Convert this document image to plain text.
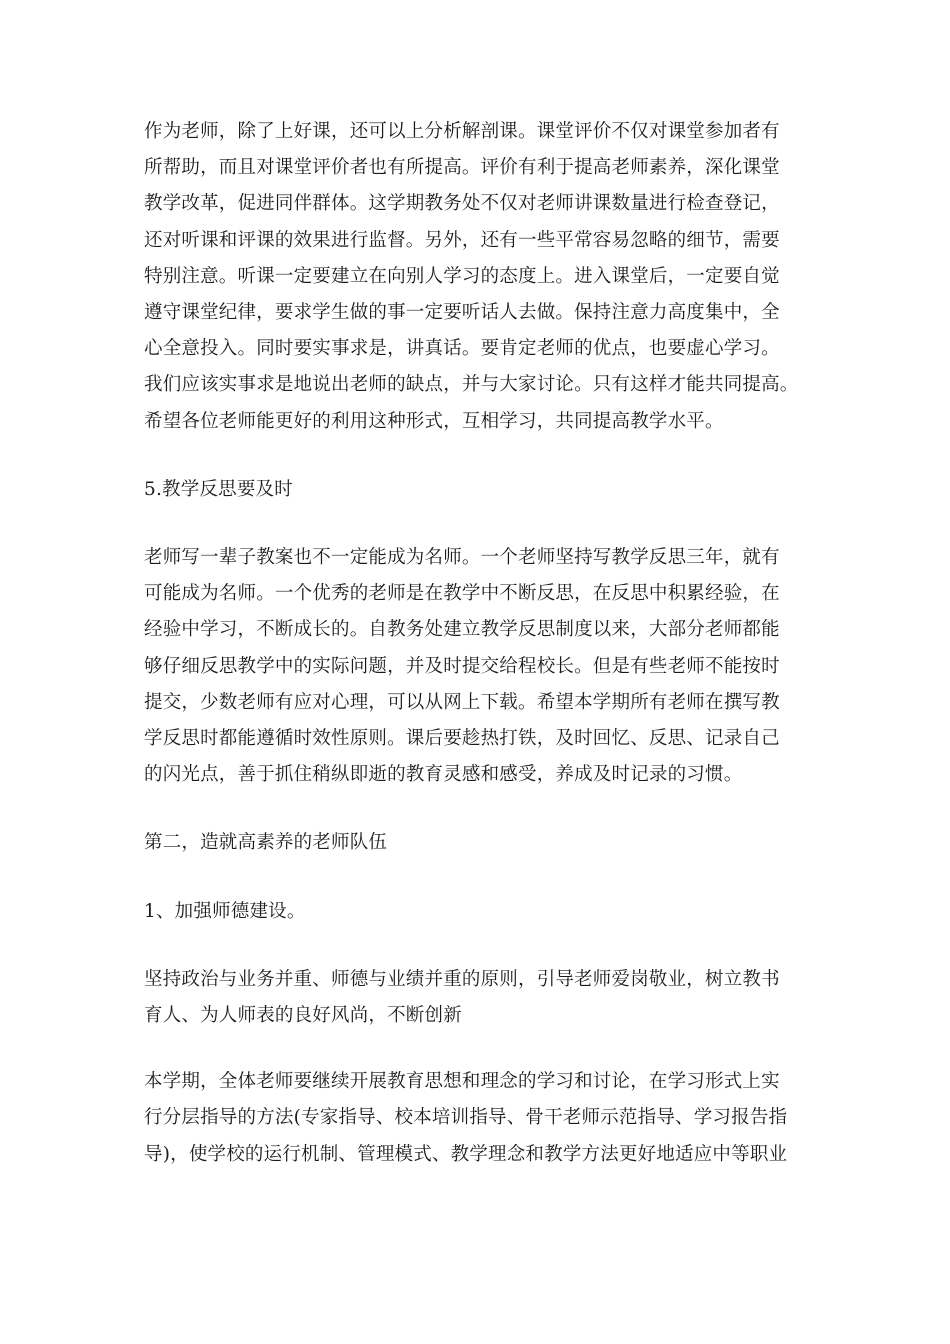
作为老师，除了上好课，还可以上分析解剖课。课堂评价不仅对课堂参加者有
所帮助，而且对课堂评价者也有所提高。评价有利于提高老师素养，深化课堂
教学改革，促进同伴群体。这学期教务处不仅对老师讲课数量进行检查登记，
还对听课和评课的效果进行监督。另外，还有一些平常容易忽略的细节，需要
特别注意。听课一定要建立在向别人学习的态度上。进入课堂后，一定要自觉
遵守课堂纪律，要求学生做的事一定要听话人去做。保持注意力高度集中，全
心全意投入。同时要实事求是，讲真话。要肯定老师的优点，也要虚心学习。
我们应该实事求是地说出老师的缺点，并与大家讨论。只有这样才能共同提高。
希望各位老师能更好的利用这种形式，互相学习，共同提高教学水平。

5.教学反思要及时

老师写一辈子教案也不一定能成为名师。一个老师坚持写教学反思三年，就有
可能成为名师。一个优秀的老师是在教学中不断反思，在反思中积累经验，在
经验中学习，不断成长的。自教务处建立教学反思制度以来，大部分老师都能
够仔细反思教学中的实际问题，并及时提交给程校长。但是有些老师不能按时
提交，少数老师有应对心理，可以从网上下载。希望本学期所有老师在撰写教
学反思时都能遵循时效性原则。课后要趁热打铁，及时回忆、反思、记录自己
的闪光点，善于抓住稍纵即逝的教育灵感和感受，养成及时记录的习惯。

第二，造就高素养的老师队伍

1、加强师德建设。

坚持政治与业务并重、师德与业绩并重的原则，引导老师爱岗敬业，树立教书
育人、为人师表的良好风尚，不断创新

本学期，全体老师要继续开展教育思想和理念的学习和讨论，在学习形式上实
行分层指导的方法(专家指导、校本培训指导、骨干老师示范指导、学习报告指
导)，使学校的运行机制、管理模式、教学理念和教学方法更好地适应中等职业
